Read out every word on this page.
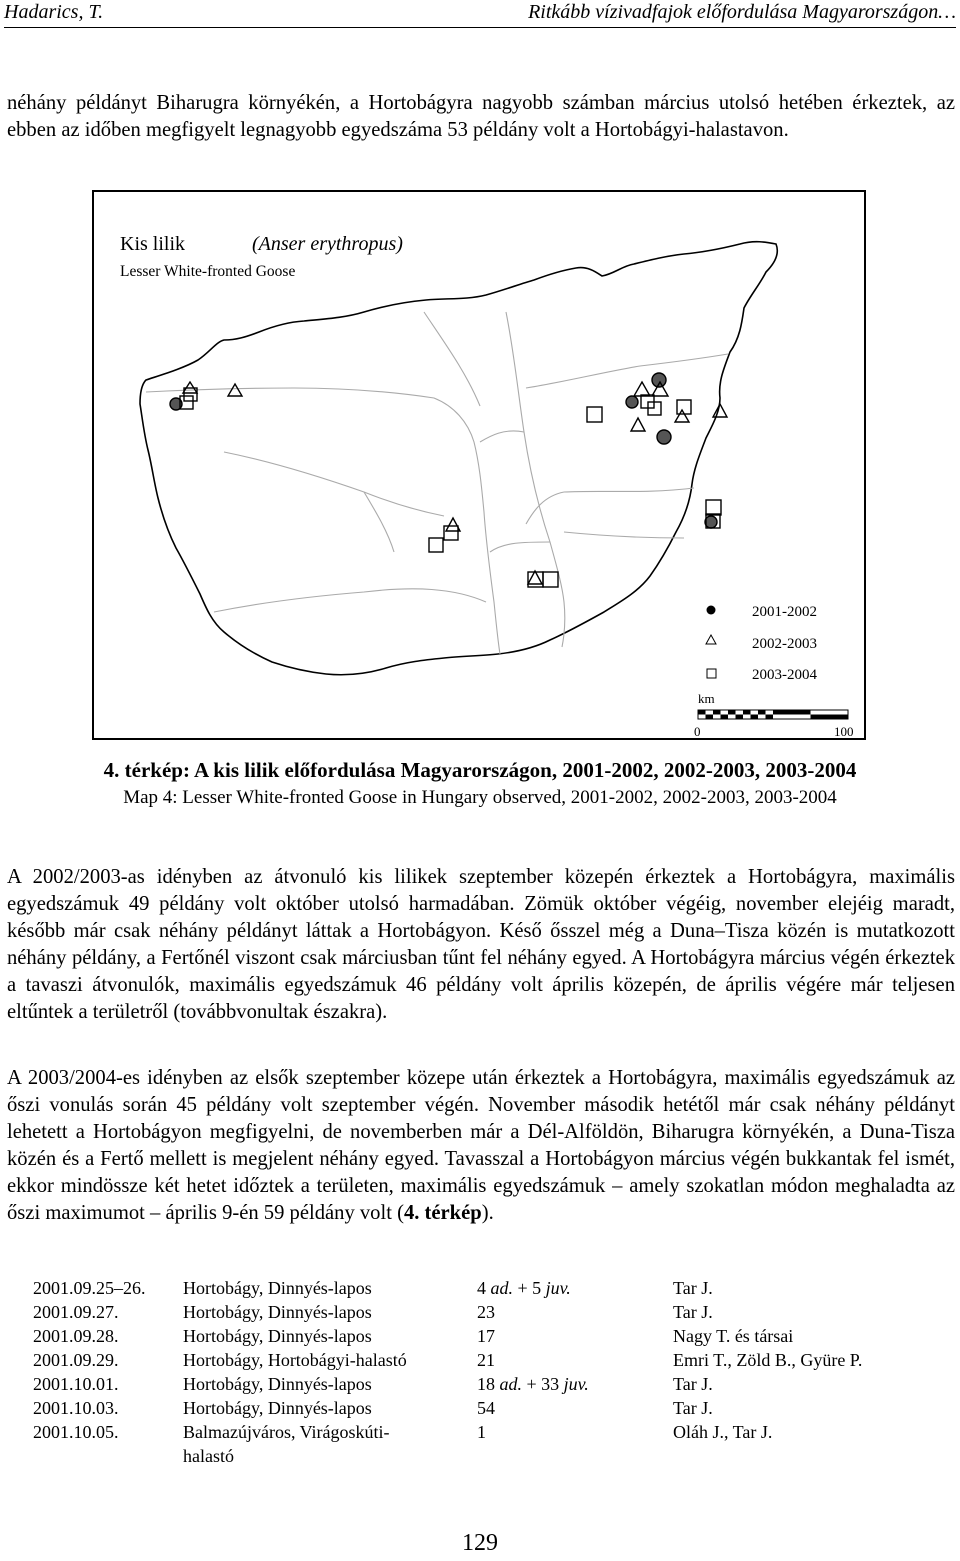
Hadarics, T.	Ritkább vízivadfajok előfordulása Magyarországon…

néhány példányt Biharugra környékén, a Hortobágyra nagyobb számban március utolsó hetében érkeztek, az ebben az időben megfigyelt legnagyobb egyedszáma 53 példány volt a Hortobágyi-halastavon.

Kis lilik	(Anser erythropus)
Lesser White-fronted Goose
2001-2002
2002-2003
2003-2004
km
0	100
4. térkép: A kis lilik előfordulása Magyarországon, 2001-2002, 2002-2003, 2003-2004
Map 4: Lesser White-fronted Goose in Hungary observed, 2001-2002, 2002-2003, 2003-2004

A 2002/2003-as idényben az átvonuló kis lilikek szeptember közepén érkeztek a Hortobágyra, maximális egyedszámuk 49 példány volt október utolsó harmadában. Zömük október végéig, november elejéig maradt, később már csak néhány példányt láttak a Hortobágyon. Késő ősszel még a Duna–Tisza közén is mutatkozott néhány példány, a Fertőnél viszont csak márciusban tűnt fel néhány egyed. A Hortobágyra március végén érkeztek a tavaszi átvonulók, maximális egyedszámuk 46 példány volt április közepén, de április végére már teljesen eltűntek a területről (továbbvonultak északra).

A 2003/2004-es idényben az elsők szeptember közepe után érkeztek a Hortobágyra, maximális egyedszámuk az őszi vonulás során 45 példány volt szeptember végén. November második hetétől már csak néhány példányt lehetett a Hortobágyon megfigyelni, de novemberben már a Dél-Alföldön, Biharugra környékén, a Duna-Tisza közén és a Fertő mellett is megjelent néhány egyed. Tavasszal a Hortobágyon március végén bukkantak fel ismét, ekkor mindössze két hetet időztek a területen, maximális egyedszámuk – amely szokatlan módon meghaladta az őszi maximumot – április 9-én 59 példány volt (4. térkép).

2001.09.25–26.	Hortobágy, Dinnyés-lapos	4 ad. + 5 juv.	Tar J.
2001.09.27.	Hortobágy, Dinnyés-lapos	23	Tar J.
2001.09.28.	Hortobágy, Dinnyés-lapos	17	Nagy T. és társai
2001.09.29.	Hortobágy, Hortobágyi-halastó	21	Emri T., Zöld B., Gyüre P.
2001.10.01.	Hortobágy, Dinnyés-lapos	18 ad. + 33 juv.	Tar J.
2001.10.03.	Hortobágy, Dinnyés-lapos	54	Tar J.
2001.10.05.	Balmazújváros, Virágoskúti-halastó	1	Oláh J., Tar J.
129
